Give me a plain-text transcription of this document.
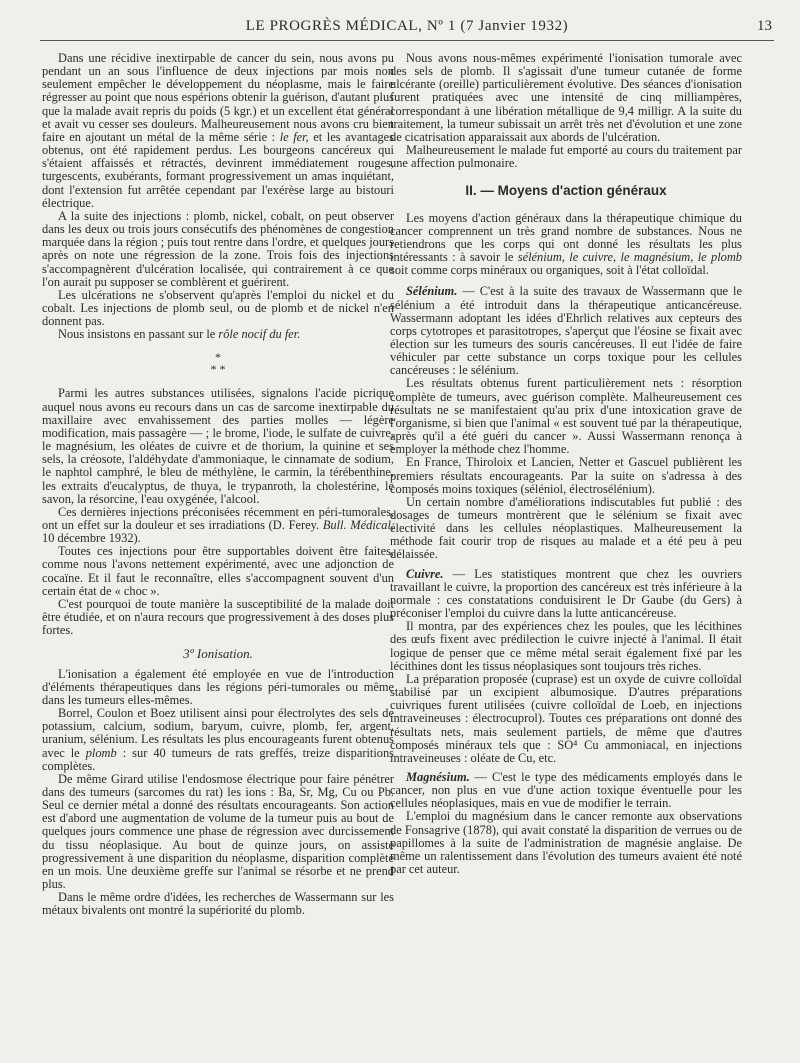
LE PROGRÈS MÉDICAL, Nº 1 (7 Janvier 1932)	13

Dans une récidive inextirpable de cancer du sein, nous avons pu pendant un an sous l'influence de deux injections par mois non seulement empêcher le développement du néoplasme, mais le faire régresser au point que nous espérions obtenir la guérison, d'autant plus que la malade avait repris du poids (5 kgr.) et un excellent état général et avait vu cesser ses douleurs. Malheureusement nous avons cru bien faire en ajoutant un métal de la même série : le fer, et les avantages obtenus, ont été rapidement perdus. Les bourgeons cancéreux qui s'étaient affaissés et rétractés, devinrent immédiatement rouges, turgescents, exubérants, formant progressivement un amas inquiétant, dont l'extension fut arrêtée cependant par l'exérèse large au bistouri électrique.

A la suite des injections : plomb, nickel, cobalt, on peut observer dans les deux ou trois jours consécutifs des phénomènes de congestion marquée dans la région ; puis tout rentre dans l'ordre, et quelques jours après on note une régression de la zone. Trois fois des injections s'accompagnèrent d'ulcération localisée, qui contrairement à ce que l'on aurait pu supposer se comblèrent et guérirent.

Les ulcérations ne s'observent qu'après l'emploi du nickel et du cobalt. Les injections de plomb seul, ou de plomb et de nickel n'en donnent pas.

Nous insistons en passant sur le rôle nocif du fer.

*
* *

Parmi les autres substances utilisées, signalons l'acide picrique auquel nous avons eu recours dans un cas de sarcome inextirpable du maxillaire avec envahissement des parties molles — légère modification, mais passagère — ; le brome, l'iode, le sulfate de cuivre, le magnésium, les oléates de cuivre et de thorium, la quinine et ses sels, la créosote, l'aldéhydate d'ammoniaque, le cinnamate de sodium, le naphtol camphré, le bleu de méthylène, le carmin, la térébenthine, les extraits d'eucalyptus, de thuya, le trypanroth, la cholestérine, le savon, la résorcine, l'eau oxygénée, l'alcool.

Ces dernières injections préconisées récemment en péri-tumorales, ont un effet sur la douleur et ses irradiations (D. Ferey. Bull. Médical, 10 décembre 1932).

Toutes ces injections pour être supportables doivent être faites, comme nous l'avons nettement expérimenté, avec une adjonction de cocaïne. Et il faut le reconnaître, elles s'accompagnent souvent d'un certain état de « choc ».

C'est pourquoi de toute manière la susceptibilité de la malade doit être étudiée, et on n'aura recours que progressivement à des doses plus fortes.

3º Ionisation.

L'ionisation a également été employée en vue de l'introduction d'éléments thérapeutiques dans les régions péri-tumorales ou même dans les tumeurs elles-mêmes.

Borrel, Coulon et Boez utilisent ainsi pour électrolytes des sels de potassium, calcium, sodium, baryum, cuivre, plomb, fer, argent, uranium, sélénium. Les résultats les plus encourageants furent obtenus avec le plomb : sur 40 tumeurs de rats greffés, treize disparitions complètes.

De même Girard utilise l'endosmose électrique pour faire pénétrer dans des tumeurs (sarcomes du rat) les ions : Ba, Sr, Mg, Cu ou Pb. Seul ce dernier métal a donné des résultats encourageants. Son action est d'abord une augmentation de volume de la tumeur puis au bout de quelques jours commence une phase de régression avec durcissement du tissu néoplasique. Au bout de quinze jours, on assiste progressivement à une disparition du néoplasme, disparition complète en un mois. Une deuxième greffe sur l'animal se résorbe et ne prend plus.

Dans le même ordre d'idées, les recherches de Wassermann sur les métaux bivalents ont montré la supériorité du plomb.

Nous avons nous-mêmes expérimenté l'ionisation tumorale avec des sels de plomb. Il s'agissait d'une tumeur cutanée de forme ulcérante (oreille) particulièrement évolutive. Des séances d'ionisation furent pratiquées avec une intensité de cinq milliampères, correspondant à une libération métallique de 9,4 milligr. A la suite du traitement, la tumeur subissait un arrêt très net d'évolution et une zone de cicatrisation apparaissait aux abords de l'ulcération.

Malheureusement le malade fut emporté au cours du traitement par une affection pulmonaire.

II. — Moyens d'action généraux

Les moyens d'action généraux dans la thérapeutique chimique du cancer comprennent un très grand nombre de substances. Nous ne retiendrons que les corps qui ont donné les résultats les plus intéressants : à savoir le sélénium, le cuivre, le magnésium, le plomb soit comme corps minéraux ou organiques, soit à l'état colloïdal.

Sélénium. — C'est à la suite des travaux de Wassermann que le sélénium a été introduit dans la thérapeutique anticancéreuse. Wassermann adoptant les idées d'Ehrlich relatives aux cepteurs des corps cytotropes et parasitotropes, s'aperçut que l'éosine se fixait avec élection sur les tumeurs des souris cancéreuses. Il eut l'idée de faire véhiculer par cette substance un corps toxique pour les cellules cancéreuses : le sélénium.

Les résultats obtenus furent particulièrement nets : résorption complète de tumeurs, avec guérison complète. Malheureusement ces résultats ne se manifestaient qu'au prix d'une intoxication grave de l'organisme, si bien que l'animal « est souvent tué par la thérapeutique, après qu'il a été guéri du cancer ». Aussi Wassermann renonça à employer la méthode chez l'homme.

En France, Thiroloix et Lancien, Netter et Gascuel publièrent les premiers résultats encourageants. Par la suite on s'adressa à des composés moins toxiques (séléniol, électrosélénium).

Un certain nombre d'améliorations indiscutables fut publié : des dosages de tumeurs montrèrent que le sélénium se fixait avec électivité dans les cellules néoplastiques. Malheureusement la méthode fait courir trop de risques au malade et a été peu à peu délaissée.

Cuivre. — Les statistiques montrent que chez les ouvriers travaillant le cuivre, la proportion des cancéreux est très inférieure à la normale : ces constatations conduisirent le Dr Gaube (du Gers) à préconiser l'emploi du cuivre dans la lutte anticancéreuse.

Il montra, par des expériences chez les poules, que les lécithines des œufs fixent avec prédilection le cuivre injecté à l'animal. Il était logique de penser que ce même métal serait également fixé par les lécithines dont les tissus néoplasiques sont toujours très riches.

La préparation proposée (cuprase) est un oxyde de cuivre colloïdal stabilisé par un excipient albumosique. D'autres préparations cuivriques furent utilisées (cuivre colloïdal de Loeb, en injections intraveineuses : électrocuprol). Toutes ces préparations ont donné des résultats nets, mais seulement partiels, de même que d'autres composés minéraux tels que : SO⁴ Cu ammoniacal, en injections intraveineuses : oléate de Cu, etc.

Magnésium. — C'est le type des médicaments employés dans le cancer, non plus en vue d'une action toxique éventuelle pour les cellules néoplasiques, mais en vue de modifier le terrain.

L'emploi du magnésium dans le cancer remonte aux observations de Fonsagrive (1878), qui avait constaté la disparition de verrues ou de papillomes à la suite de l'administration de magnésie anglaise. De même un ralentissement dans l'évolution des tumeurs avaient été noté par cet auteur.
